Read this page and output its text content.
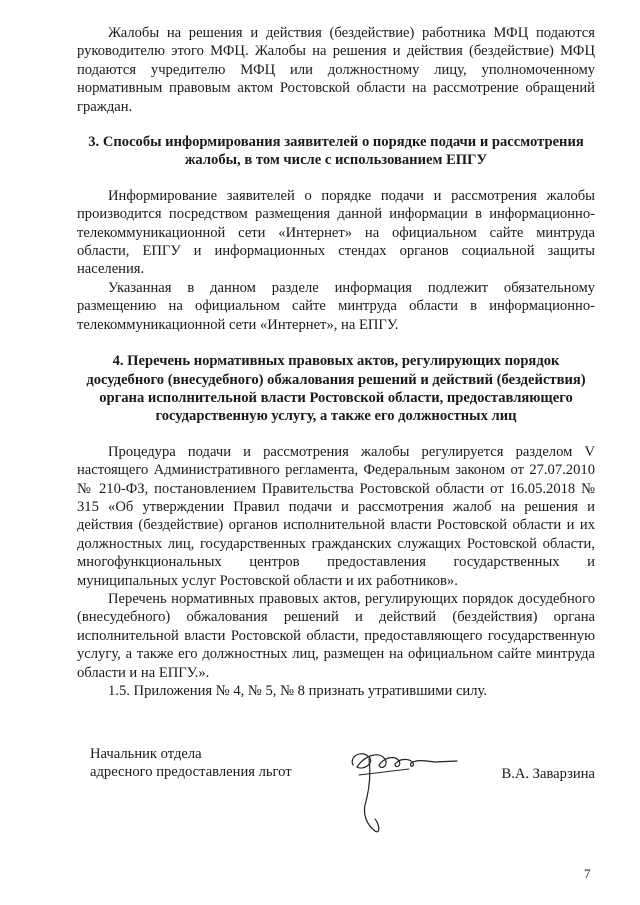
Жалобы на решения и действия (бездействие) работника МФЦ подаются руководителю этого МФЦ. Жалобы на решения и действия (бездействие) МФЦ подаются учредителю МФЦ или должностному лицу, уполномоченному нормативным правовым актом Ростовской области на рассмотрение обращений граждан.

3. Способы информирования заявителей о порядке подачи и рассмотрения жалобы, в том числе с использованием ЕПГУ

Информирование заявителей о порядке подачи и рассмотрения жалобы производится посредством размещения данной информации в информационно-телекоммуникационной сети «Интернет» на официальном сайте минтруда области, ЕПГУ и информационных стендах органов социальной защиты населения.

Указанная в данном разделе информация подлежит обязательному размещению на официальном сайте минтруда области в информационно-телекоммуникационной сети «Интернет», на ЕПГУ.

4. Перечень нормативных правовых актов, регулирующих порядок досудебного (внесудебного) обжалования решений и действий (бездействия) органа исполнительной власти Ростовской области, предоставляющего государственную услугу, а также его должностных лиц

Процедура подачи и рассмотрения жалобы регулируется разделом V настоящего Административного регламента, Федеральным законом от 27.07.2010 № 210-ФЗ, постановлением Правительства Ростовской области от 16.05.2018 № 315 «Об утверждении Правил подачи и рассмотрения жалоб на решения и действия (бездействие) органов исполнительной власти Ростовской области и их должностных лиц, государственных гражданских служащих Ростовской области, многофункциональных центров предоставления государственных и муниципальных услуг Ростовской области и их работников».

Перечень нормативных правовых актов, регулирующих порядок досудебного (внесудебного) обжалования решений и действий (бездействия) органа исполнительной власти Ростовской области, предоставляющего государственную услугу, а также его должностных лиц, размещен на официальном сайте минтруда области и на ЕПГУ.».

1.5. Приложения № 4, № 5, № 8 признать утратившими силу.

Начальник отдела
адресного предоставления льгот	В.А. Заварзина
7
